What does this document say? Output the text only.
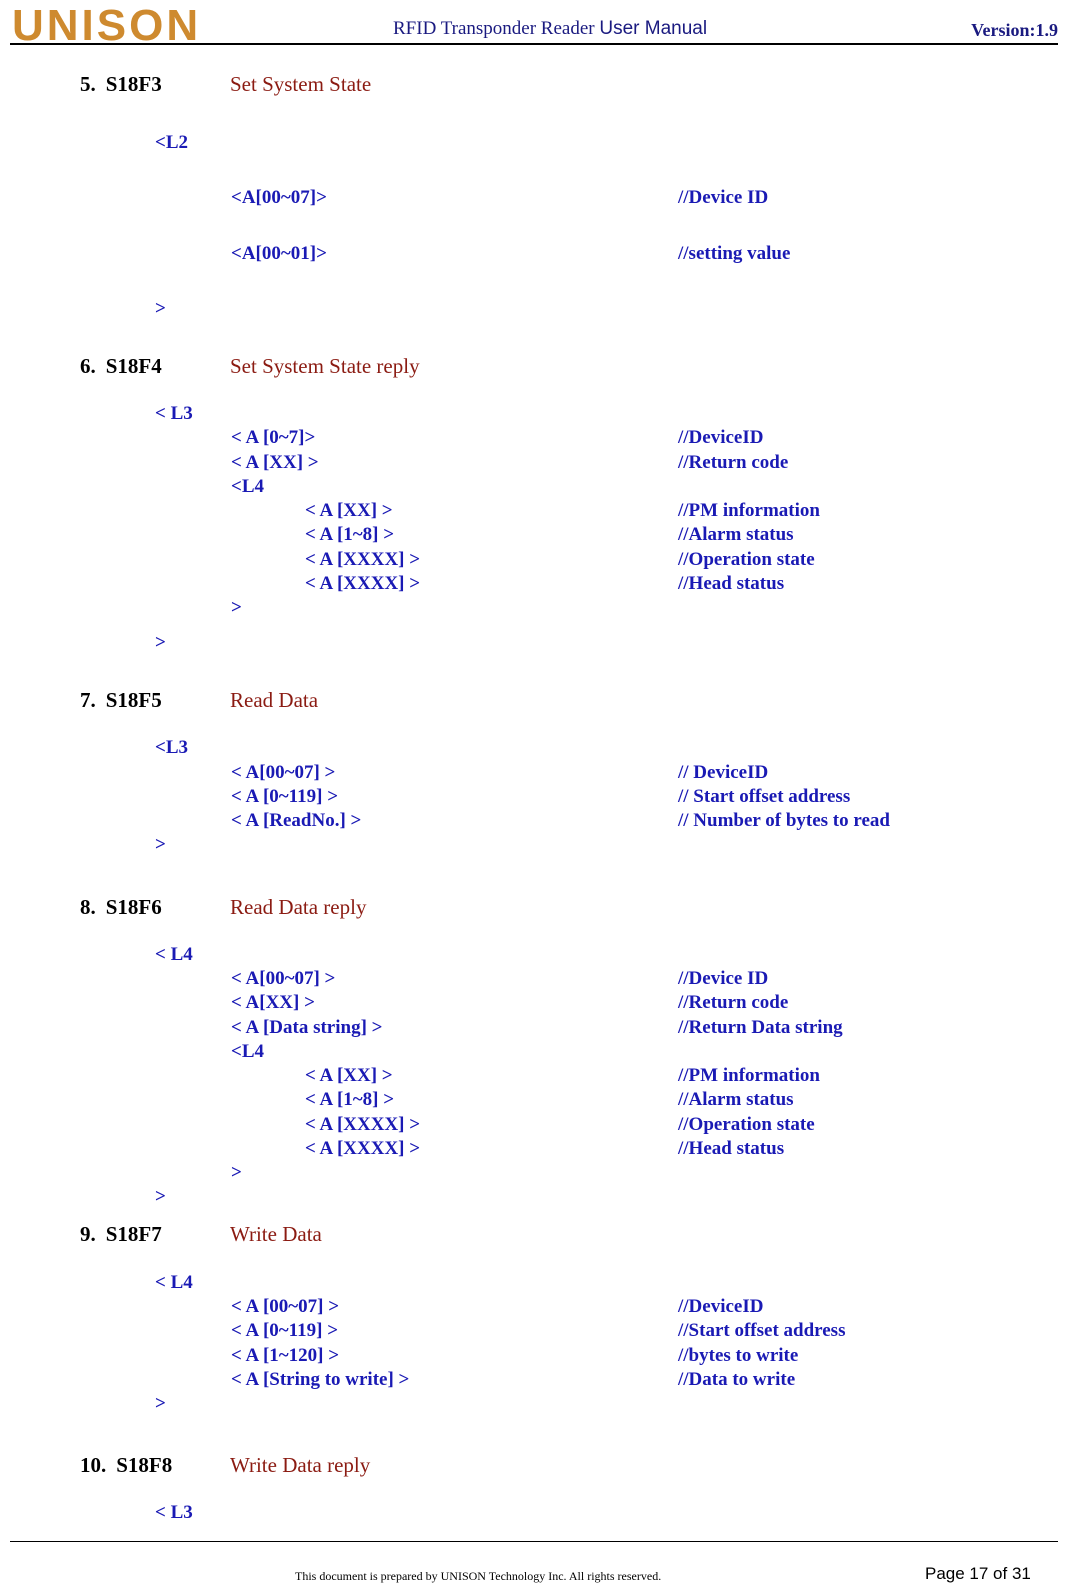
UNISON	RFID Transponder Reader User Manual	Version:1.9
5. S18F3	Set System State
<L2
<A[00~07]>	//Device ID
<A[00~01]>	//setting value
>
6. S18F4	Set System State reply
< L3
< A [0~7]>	//DeviceID
< A [XX] >	//Return code
<L4
< A [XX] >	//PM information
< A [1~8] >	//Alarm status
< A [XXXX] >	//Operation state
< A [XXXX] >	//Head status
>
>
7. S18F5	Read Data
<L3
< A[00~07] >	// DeviceID
< A [0~119] >	// Start offset address
< A [ReadNo.] >	// Number of bytes to read
>
8. S18F6	Read Data reply
< L4
< A[00~07] >	//Device ID
< A[XX] >	//Return code
< A [Data string] >	//Return Data string
<L4
< A [XX] >	//PM information
< A [1~8] >	//Alarm status
< A [XXXX] >	//Operation state
< A [XXXX] >	//Head status
>
>
9. S18F7	Write Data
< L4
< A [00~07] >	//DeviceID
< A [0~119] >	//Start offset address
< A [1~120] >	//bytes to write
< A [String to write] >	//Data to write
>
10. S18F8	Write Data reply
< L3
This document is prepared by UNISON Technology Inc. All rights reserved.	Page 17 of 31
